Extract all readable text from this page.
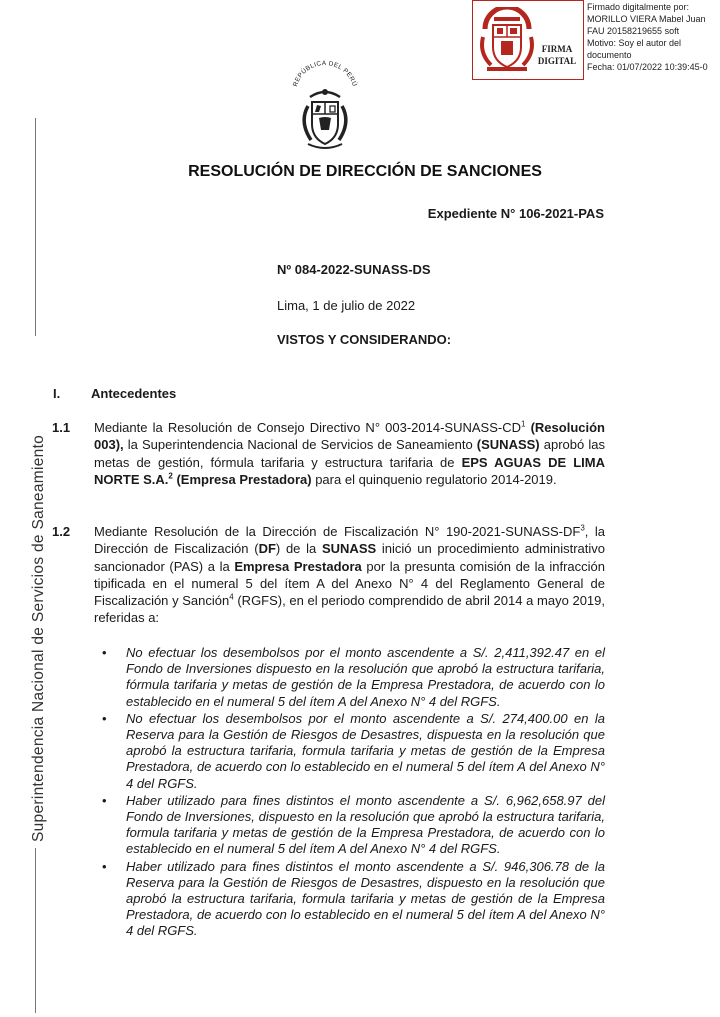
FIRMA DIGITAL
Firmado digitalmente por:
MORILLO VIERA Mabel Juan
FAU 20158219655 soft
Motivo: Soy el autor del
documento
Fecha: 01/07/2022 10:39:45-0
REPÚBLICA DEL PERÚ
Superintendencia Nacional de Servicios de Saneamiento
RESOLUCIÓN DE DIRECCIÓN DE SANCIONES
Expediente N° 106-2021-PAS
Nº 084-2022-SUNASS-DS
Lima, 1 de julio de 2022
VISTOS Y CONSIDERANDO:
I. Antecedentes
1.1 Mediante la Resolución de Consejo Directivo N° $003-2014-SUNASS-CD^1$ (Resolución 003), la Superintendencia Nacional de Servicios de Saneamiento (SUNASS) aprobó las metas de gestión, fórmula tarifaria y estructura tarifaria de EPS AGUAS DE LIMA NORTE S.A.$^2$ (Empresa Prestadora) para el quinquenio regulatorio 2014-2019.
1.2 Mediante Resolución de la Dirección de Fiscalización N° $190-2021-SUNASS-DF^3$, la Dirección de Fiscalización (DF) de la SUNASS inició un procedimiento administrativo sancionador (PAS) a la Empresa Prestadora por la presunta comisión de la infracción tipificada en el numeral 5 del ítem A del Anexo N° 4 del Reglamento General de Fiscalización y Sanción$^4$ (RGFS), en el periodo comprendido de abril 2014 a mayo 2019, referidas a:
• No efectuar los desembolsos por el monto ascendente a S/. 2,411,392.47 en el Fondo de Inversiones dispuesto en la resolución que aprobó la estructura tarifaria, fórmula tarifaria y metas de gestión de la Empresa Prestadora, de acuerdo con lo establecido en el numeral 5 del ítem A del Anexo N° 4 del RGFS.
• No efectuar los desembolsos por el monto ascendente a S/. 274,400.00 en la Reserva para la Gestión de Riesgos de Desastres, dispuesta en la resolución que aprobó la estructura tarifaria, formula tarifaria y metas de gestión de la Empresa Prestadora, de acuerdo con lo establecido en el numeral 5 del ítem A del Anexo N° 4 del RGFS.
• Haber utilizado para fines distintos el monto ascendente a S/. 6,962,658.97 del Fondo de Inversiones, dispuesto en la resolución que aprobó la estructura tarifaria, formula tarifaria y metas de gestión de la Empresa Prestadora, de acuerdo con lo establecido en el numeral 5 del ítem A del Anexo N° 4 del RGFS.
• Haber utilizado para fines distintos el monto ascendente a S/. 946,306.78 de la Reserva para la Gestión de Riesgos de Desastres, dispuesto en la resolución que aprobó la estructura tarifaria, formula tarifaria y metas de gestión de la Empresa Prestadora, de acuerdo con lo establecido en el numeral 5 del ítem A del Anexo N° 4 del RGFS.
